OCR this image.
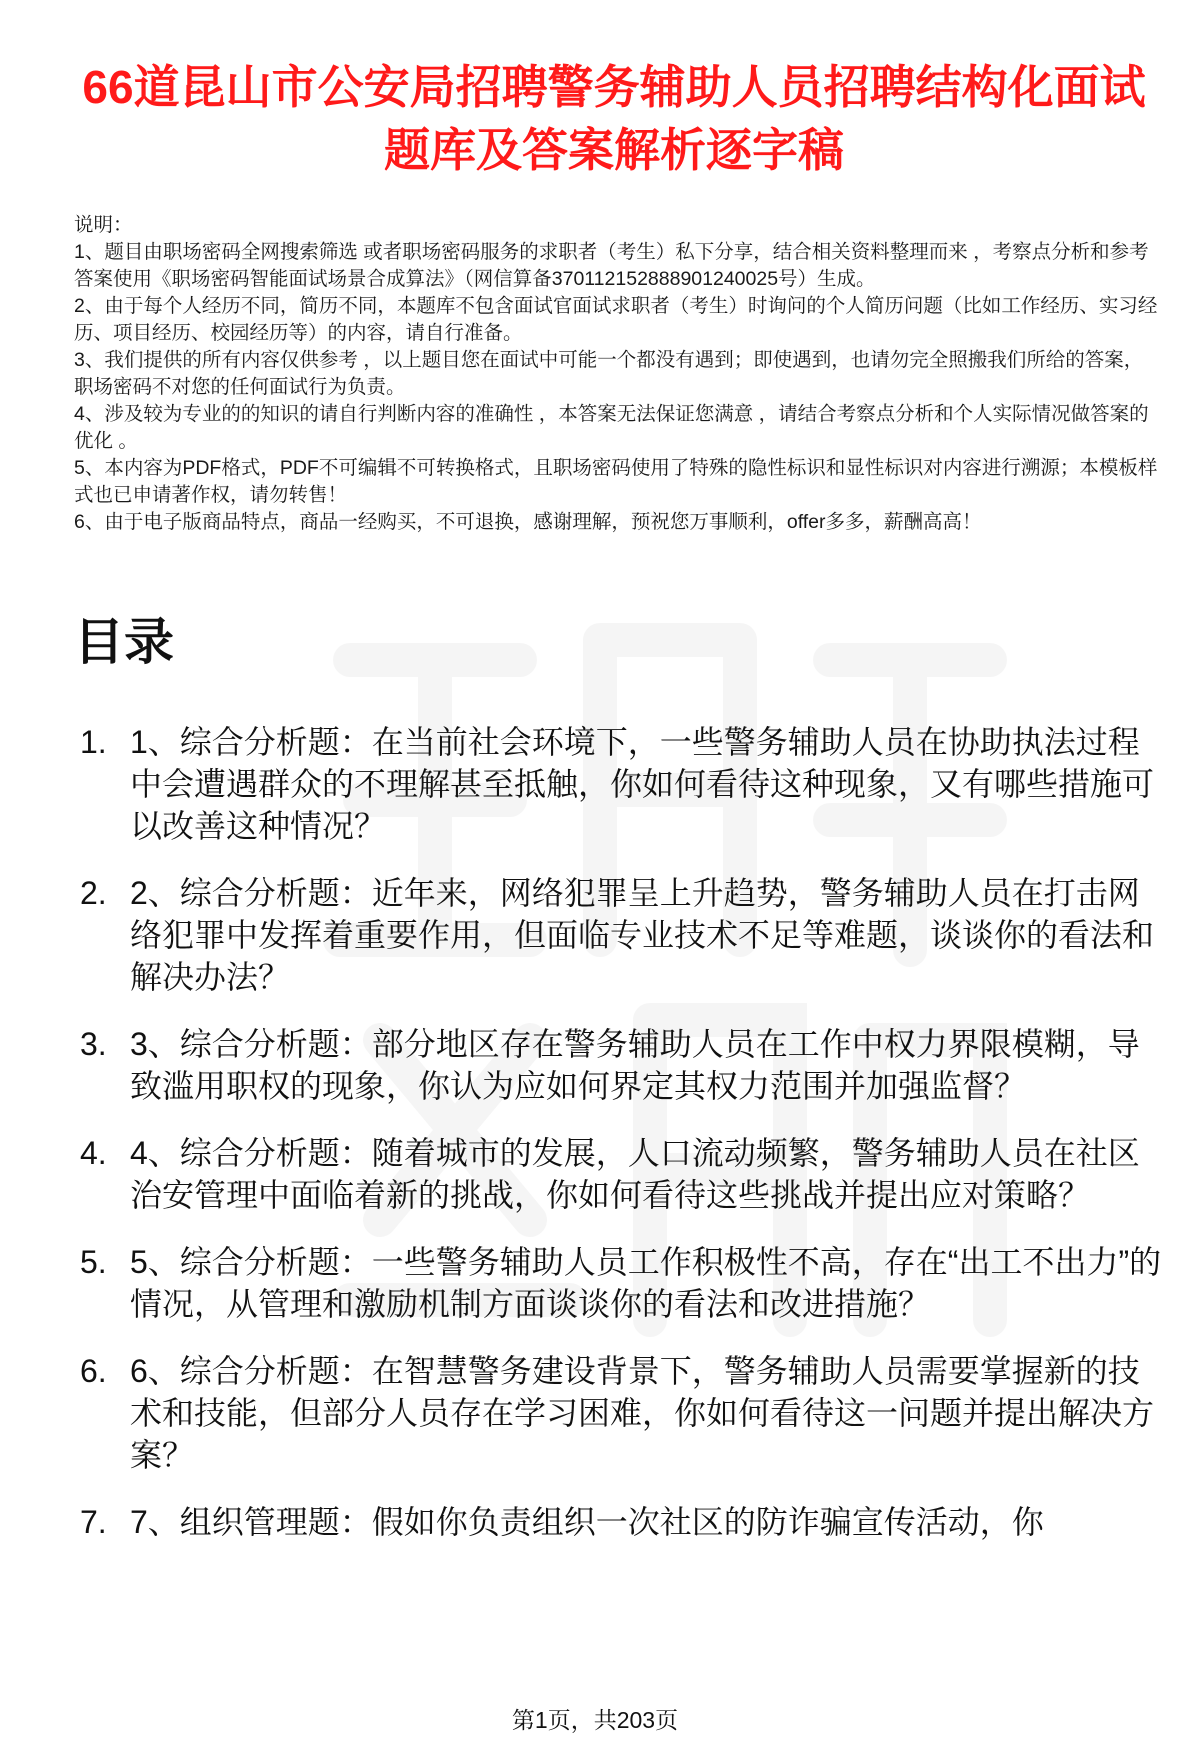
66道昆山市公安局招聘警务辅助人员招聘结构化面试题库及答案解析逐字稿

说明：

1、题目由职场密码全网搜索筛选 或者职场密码服务的求职者（考生）私下分享，结合相关资料整理而来 ，考察点分析和参考答案使用《职场密码智能面试场景合成算法》（网信算备370112152888901240025号）生成。

2、由于每个人经历不同，简历不同，本题库不包含面试官面试求职者（考生）时询问的个人简历问题（比如工作经历、实习经历、项目经历、校园经历等）的内容，请自行准备。

3、我们提供的所有内容仅供参考 ，以上题目您在面试中可能一个都没有遇到；即使遇到，也请勿完全照搬我们所给的答案，职场密码不对您的任何面试行为负责。

4、涉及较为专业的的知识的请自行判断内容的准确性 ，本答案无法保证您满意 ，请结合考察点分析和个人实际情况做答案的优化 。

5、本内容为PDF格式，PDF不可编辑不可转换格式，且职场密码使用了特殊的隐性标识和显性标识对内容进行溯源；本模板样式也已申请著作权，请勿转售！

6、由于电子版商品特点，商品一经购买，不可退换，感谢理解，预祝您万事顺利，offer多多，薪酬高高！

目录
1. 1、综合分析题：在当前社会环境下，一些警务辅助人员在协助执法过程中会遭遇群众的不理解甚至抵触，你如何看待这种现象，又有哪些措施可以改善这种情况？
2. 2、综合分析题：近年来，网络犯罪呈上升趋势，警务辅助人员在打击网络犯罪中发挥着重要作用，但面临专业技术不足等难题，谈谈你的看法和解决办法？
3. 3、综合分析题：部分地区存在警务辅助人员在工作中权力界限模糊，导致滥用职权的现象，你认为应如何界定其权力范围并加强监督？
4. 4、综合分析题：随着城市的发展，人口流动频繁，警务辅助人员在社区治安管理中面临着新的挑战，你如何看待这些挑战并提出应对策略？
5. 5、综合分析题：一些警务辅助人员工作积极性不高，存在“出工不出力”的情况，从管理和激励机制方面谈谈你的看法和改进措施？
6. 6、综合分析题：在智慧警务建设背景下，警务辅助人员需要掌握新的技术和技能，但部分人员存在学习困难，你如何看待这一问题并提出解决方案？
7. 7、组织管理题：假如你负责组织一次社区的防诈骗宣传活动，你
第1页，共203页
